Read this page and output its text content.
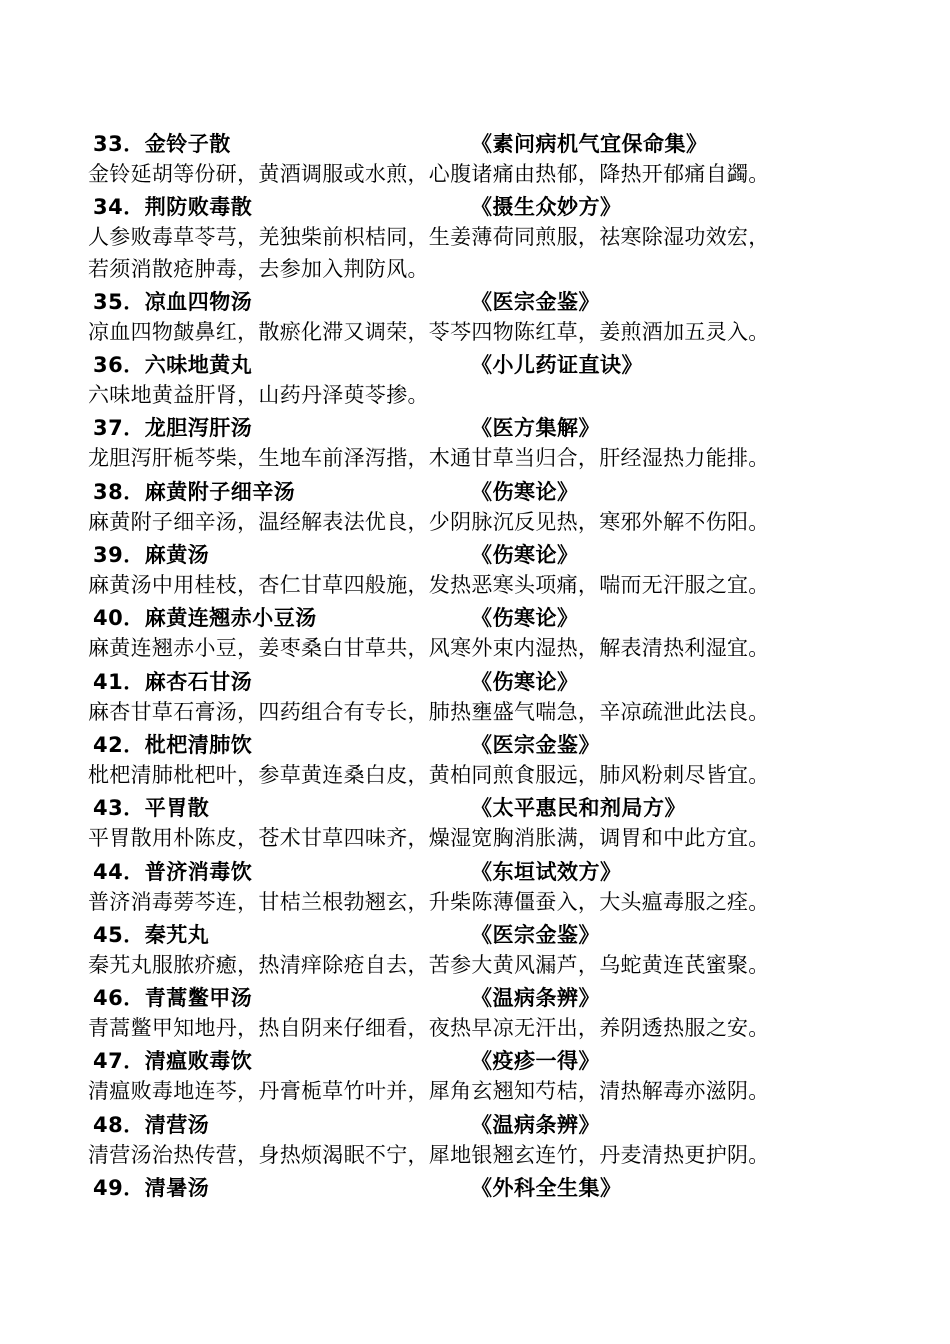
33．金铃子散	《素问病机气宜保命集》
金铃延胡等份研，黄酒调服或水煎，心腹诸痛由热郁，降热开郁痛自蠲。
34．荆防败毒散	《摄生众妙方》
人参败毒草苓芎，羌独柴前枳桔同，生姜薄荷同煎服，祛寒除湿功效宏，
若须消散疮肿毒，去参加入荆防风。
35．凉血四物汤	《医宗金鉴》
凉血四物皶鼻红，散瘀化滞又调荣，苓芩四物陈红草，姜煎酒加五灵入。
36．六味地黄丸	《小儿药证直诀》
六味地黄益肝肾，山药丹泽萸苓掺。
37．龙胆泻肝汤	《医方集解》
龙胆泻肝栀芩柴，生地车前泽泻揩，木通甘草当归合，肝经湿热力能排。
38．麻黄附子细辛汤	《伤寒论》
麻黄附子细辛汤，温经解表法优良，少阴脉沉反见热，寒邪外解不伤阳。
39．麻黄汤	《伤寒论》
麻黄汤中用桂枝，杏仁甘草四般施，发热恶寒头项痛，喘而无汗服之宜。
40．麻黄连翘赤小豆汤	《伤寒论》
麻黄连翘赤小豆，姜枣桑白甘草共，风寒外束内湿热，解表清热利湿宜。
41．麻杏石甘汤	《伤寒论》
麻杏甘草石膏汤，四药组合有专长，肺热壅盛气喘急，辛凉疏泄此法良。
42．枇杷清肺饮	《医宗金鉴》
枇杷清肺枇杷叶，参草黄连桑白皮，黄柏同煎食服远，肺风粉刺尽皆宜。
43．平胃散	《太平惠民和剂局方》
平胃散用朴陈皮，苍术甘草四味齐，燥湿宽胸消胀满，调胃和中此方宜。
44．普济消毒饮	《东垣试效方》
普济消毒蒡芩连，甘桔兰根勃翘玄，升柴陈薄僵蚕入，大头瘟毒服之痊。
45．秦艽丸	《医宗金鉴》
秦艽丸服脓疥癒，热清痒除疮自去，苦参大黄风漏芦，乌蛇黄连芪蜜聚。
46．青蒿鳖甲汤	《温病条辨》
青蒿鳖甲知地丹，热自阴来仔细看，夜热早凉无汗出，养阴透热服之安。
47．清瘟败毒饮	《疫疹一得》
清瘟败毒地连芩，丹膏栀草竹叶并，犀角玄翘知芍桔，清热解毒亦滋阴。
48．清营汤	《温病条辨》
清营汤治热传营，身热烦渴眠不宁，犀地银翘玄连竹，丹麦清热更护阴。
49．清暑汤	《外科全生集》
